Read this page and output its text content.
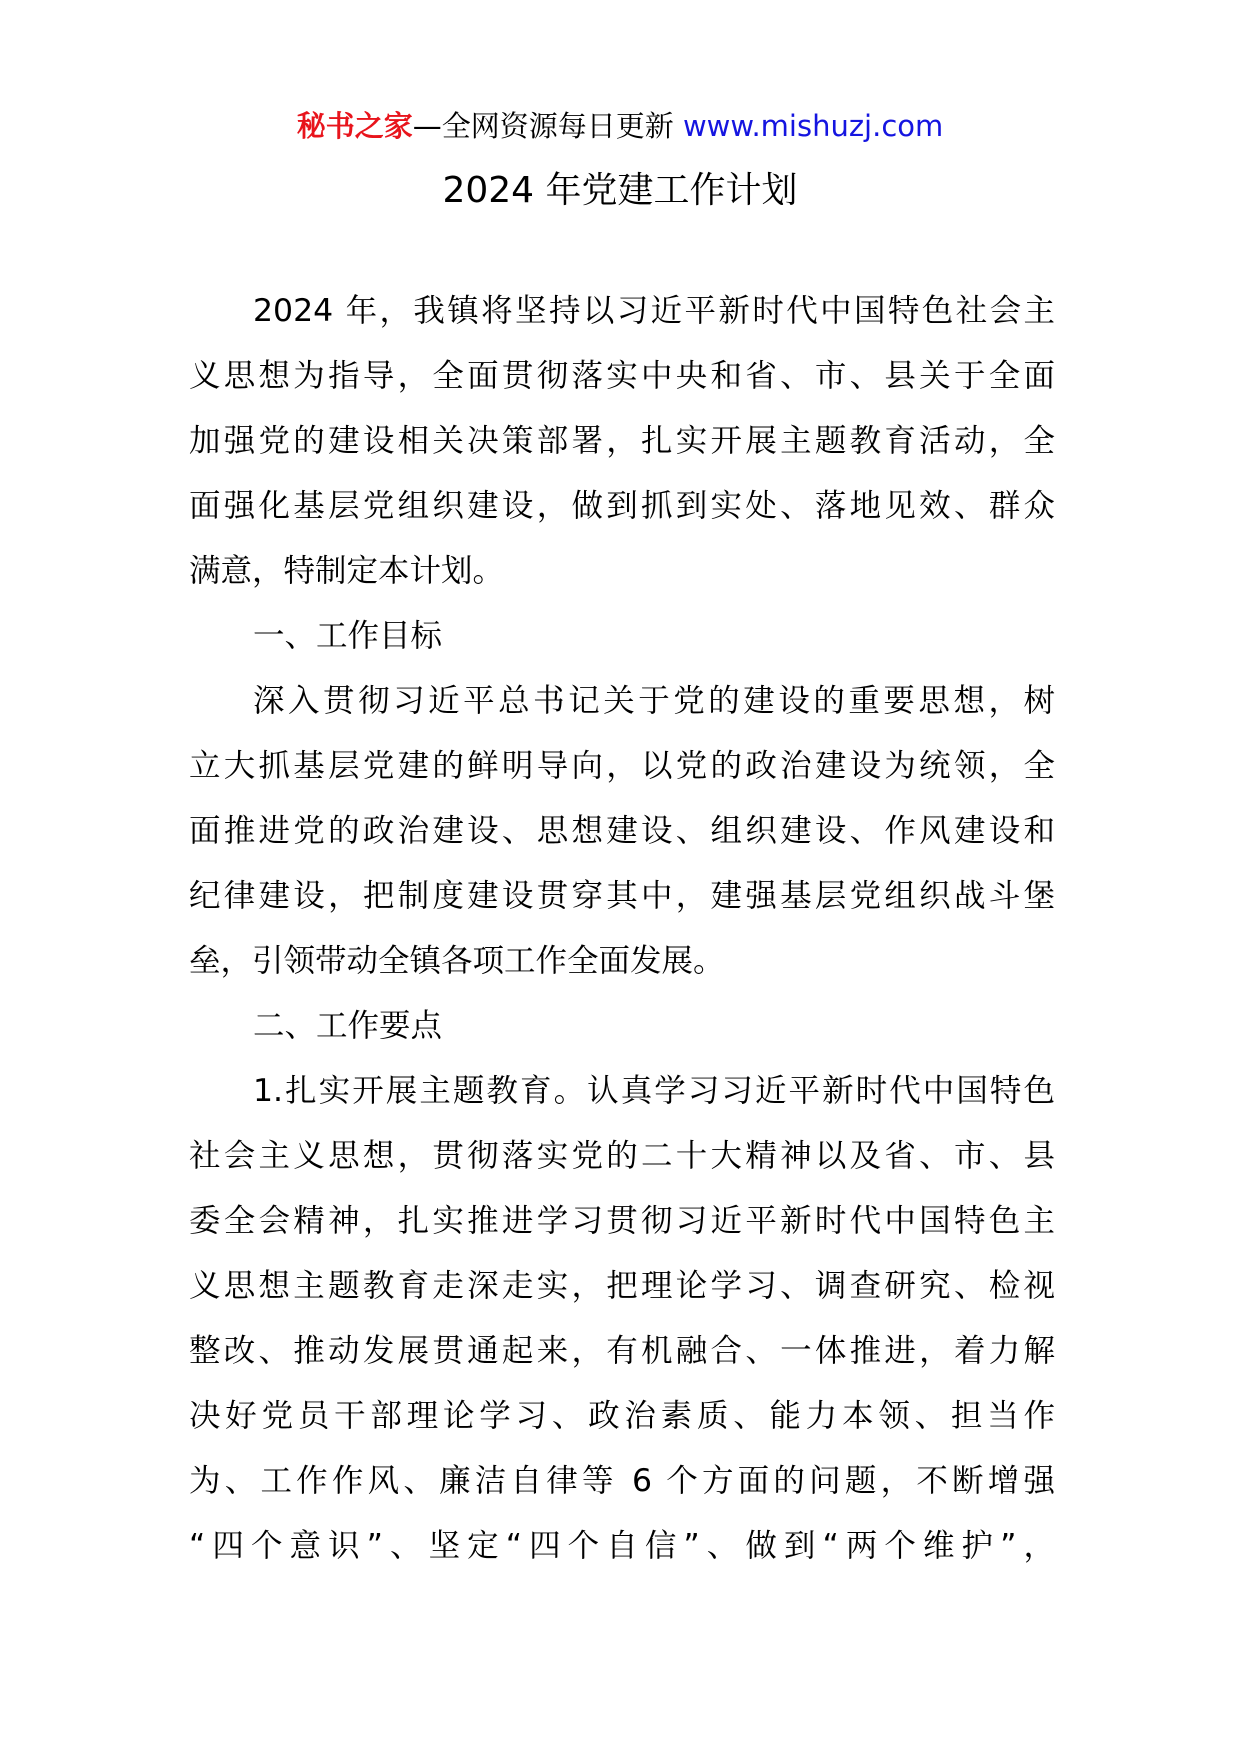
秘书之家—全网资源每日更新 www.mishuzj.com
2024 年党建工作计划
2024 年，我镇将坚持以习近平新时代中国特色社会主
义思想为指导，全面贯彻落实中央和省、市、县关于全面
加强党的建设相关决策部署，扎实开展主题教育活动，全
面强化基层党组织建设，做到抓到实处、落地见效、群众
满意，特制定本计划。
一、工作目标
深入贯彻习近平总书记关于党的建设的重要思想，树
立大抓基层党建的鲜明导向，以党的政治建设为统领，全
面推进党的政治建设、思想建设、组织建设、作风建设和
纪律建设，把制度建设贯穿其中，建强基层党组织战斗堡
垒，引领带动全镇各项工作全面发展。
二、工作要点
1.扎实开展主题教育。认真学习习近平新时代中国特色
社会主义思想，贯彻落实党的二十大精神以及省、市、县
委全会精神，扎实推进学习贯彻习近平新时代中国特色主
义思想主题教育走深走实，把理论学习、调查研究、检视
整改、推动发展贯通起来，有机融合、一体推进，着力解
决好党员干部理论学习、政治素质、能力本领、担当作
为、工作作风、廉洁自律等 6 个方面的问题，不断增强
“四个意识”、坚定“四个自信”、做到“两个维护”，
